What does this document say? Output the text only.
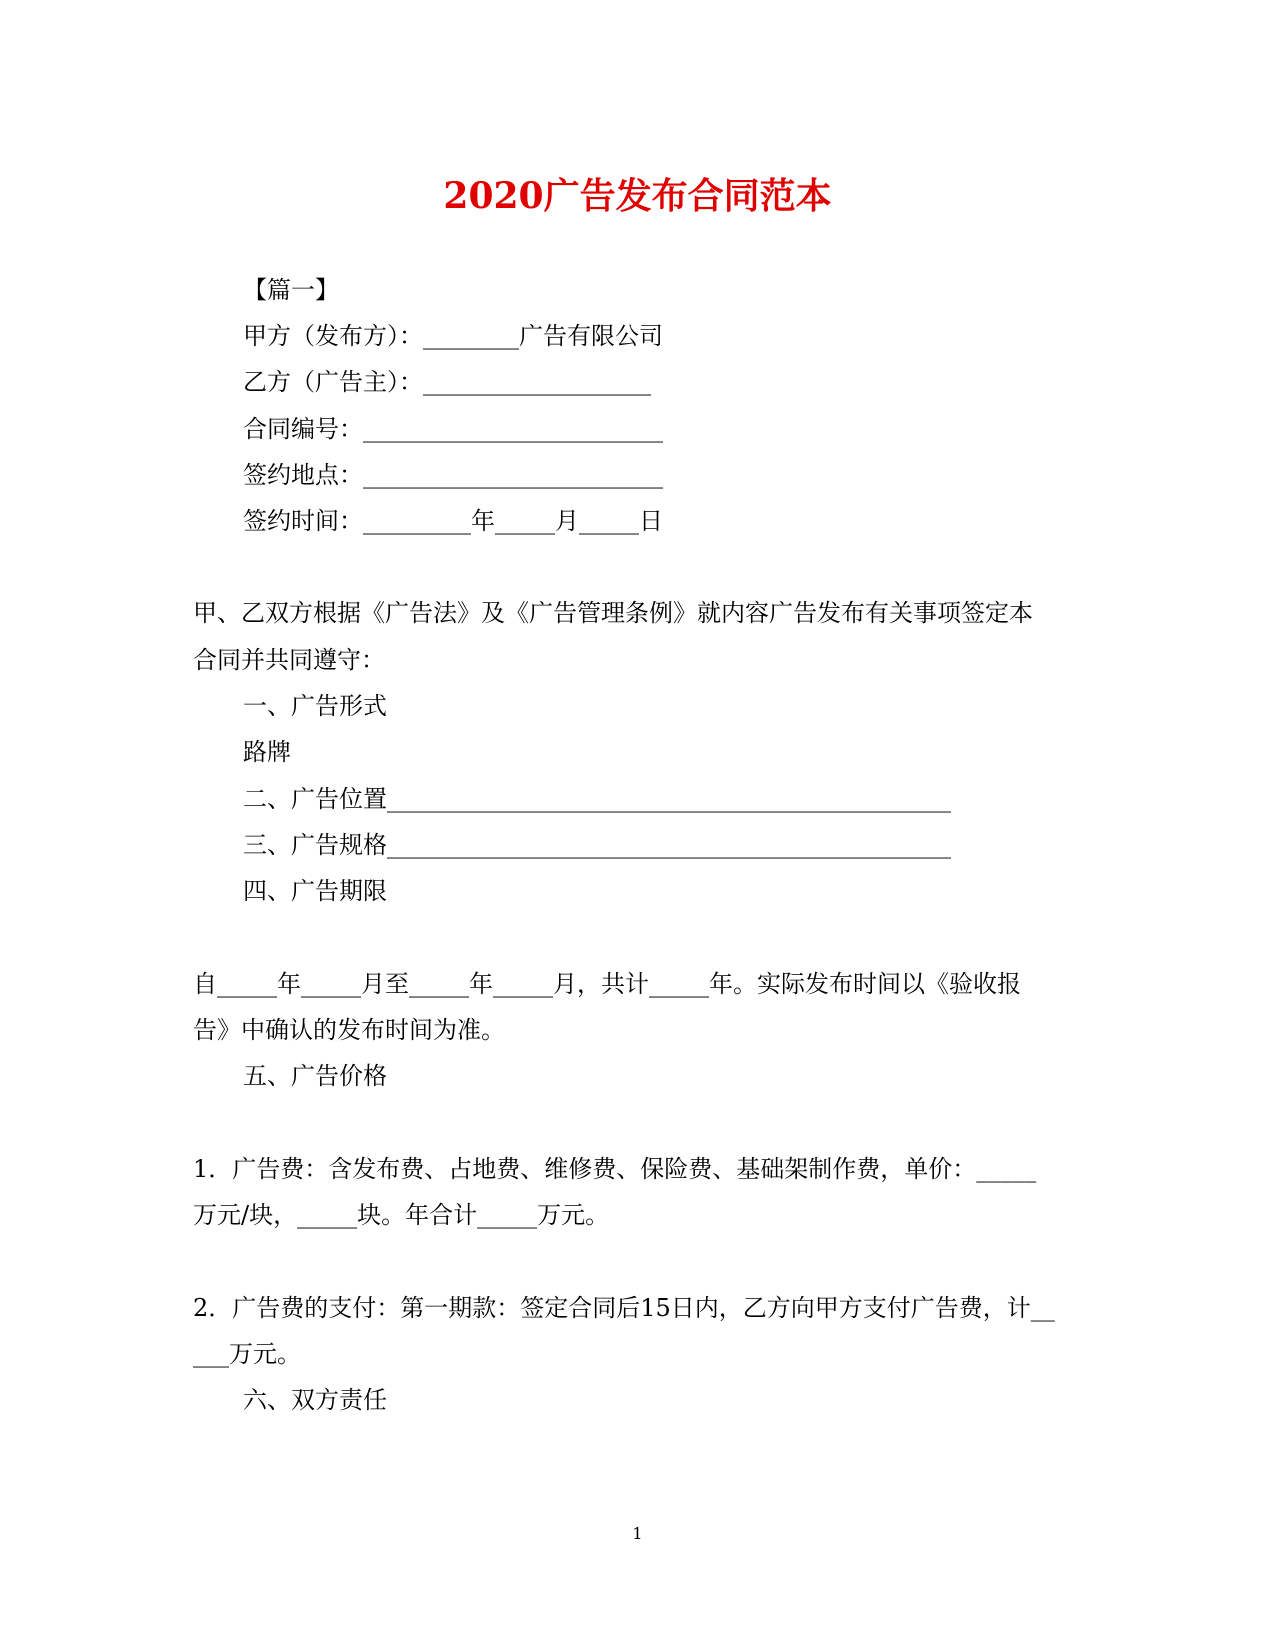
2020广告发布合同范本
【篇一】
甲方（发布方）：________广告有限公司
乙方（广告主）：___________________
合同编号：_________________________
签约地点：_________________________
签约时间：_________年_____月_____日
甲、乙双方根据《广告法》及《广告管理条例》就内容广告发布有关事项签定本
合同并共同遵守：
一、广告形式
路牌
二、广告位置_______________________________________________
三、广告规格_______________________________________________
四、广告期限
自_____年_____月至_____年_____月，共计_____年。实际发布时间以《验收报
告》中确认的发布时间为准。
五、广告价格
1．广告费：含发布费、占地费、维修费、保险费、基础架制作费，单价：_____
万元/块，_____块。年合计_____万元。
2．广告费的支付：第一期款：签定合同后15日内，乙方向甲方支付广告费，计__
___万元。
六、双方责任
1
